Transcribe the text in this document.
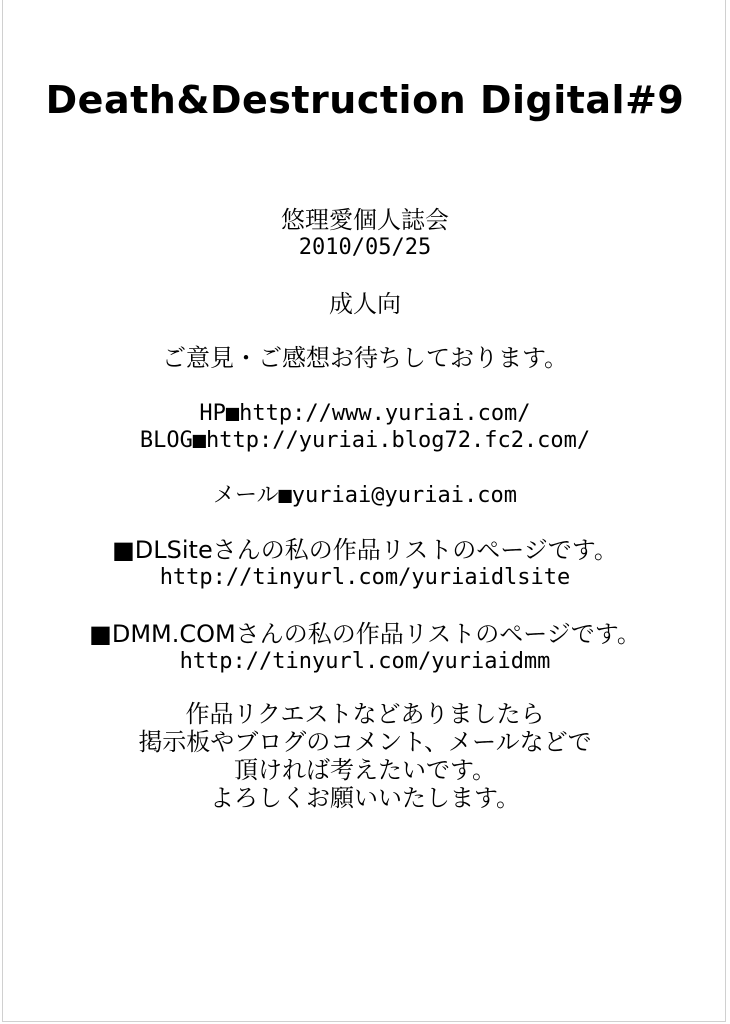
Death&Destruction Digital#9
悠理愛個人誌会
2010/05/25
成人向
ご意見・ご感想お待ちしております。
HP■http://www.yuriai.com/
BLOG■http://yuriai.blog72.fc2.com/
メール■yuriai@yuriai.com
■DLSiteさんの私の作品リストのページです。
http://tinyurl.com/yuriaidlsite
■DMM.COMさんの私の作品リストのページです。
http://tinyurl.com/yuriaidmm
作品リクエストなどありましたら
掲示板やブログのコメント、メールなどで
頂ければ考えたいです。
よろしくお願いいたします。
